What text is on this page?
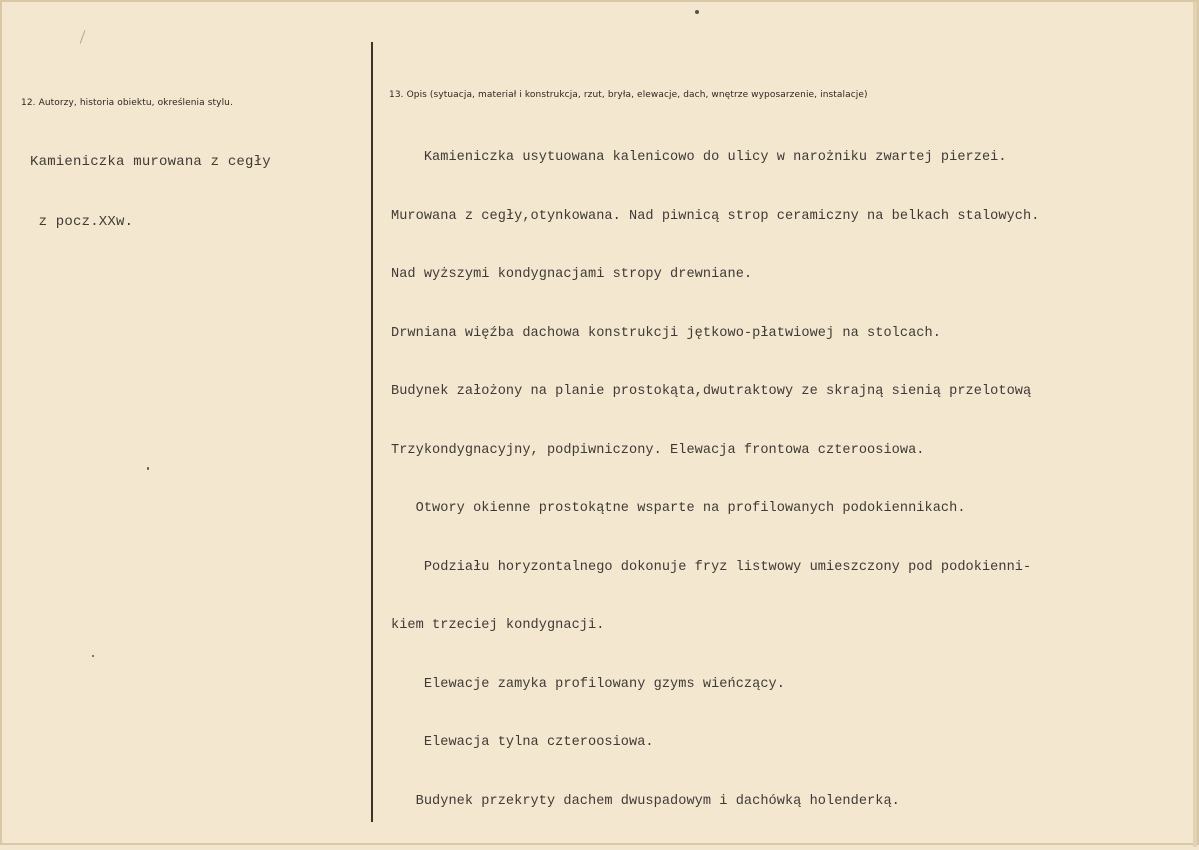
12. Autorzy, historia obiektu, określenia stylu.

Kamieniczka murowana z cegły

z pocz.XXw.

13. Opis (sytuacja, materiał i konstrukcja, rzut, bryła, elewacje, dach, wnętrze wyposarzenie, instalacje)

Kamieniczka usytuowana kalenicowo do ulicy w narożniku zwartej pierzei.

Murowana z cegły,otynkowana. Nad piwnicą strop ceramiczny na belkach stalowych.

Nad wyższymi kondygnacjami stropy drewniane.

Drwniana więźba dachowa konstrukcji jętkowo-płatwiowej na stolcach.

Budynek założony na planie prostokąta,dwutraktowy ze skrajną sienią przelotową

Trzykondygnacyjny, podpiwniczony. Elewacja frontowa czteroosiowa.

Otwory okienne prostokątne wsparte na profilowanych podokiennikach.

Podziału horyzontalnego dokonuje fryz listwowy umieszczony pod podokienni-

kiem trzeciej kondygnacji.

Elewacje zamyka profilowany gzyms wieńczący.

Elewacja tylna czteroosiowa.

Budynek przekryty dachem dwuspadowym i dachówką holenderką.
